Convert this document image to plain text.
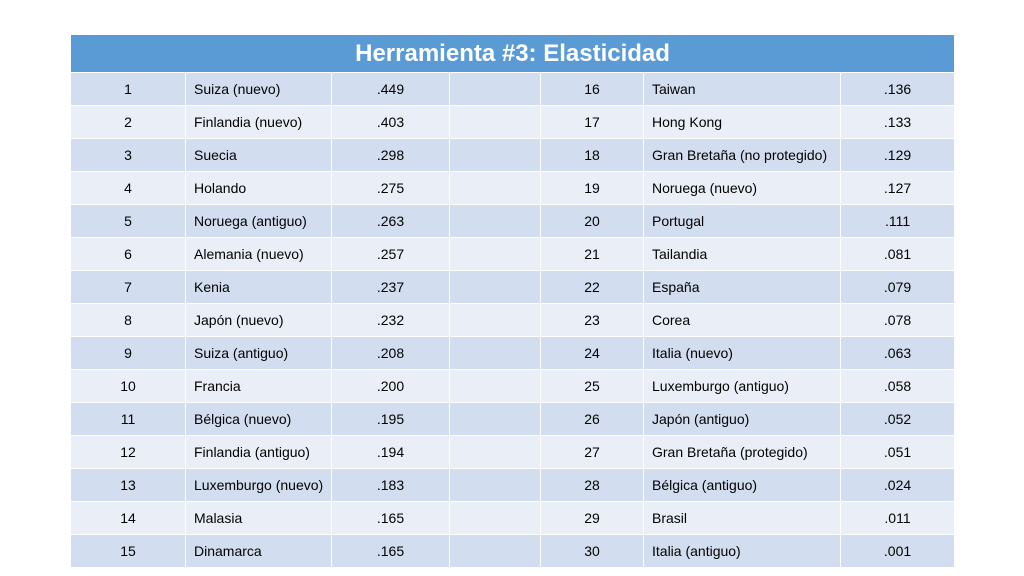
Herramienta #3: Elasticidad						
1	Suiza (nuevo)	.449		16	Taiwan	.136
2	Finlandia (nuevo)	.403		17	Hong Kong	.133
3	Suecia	.298		18	Gran Bretaña (no protegido)	.129
4	Holando	.275		19	Noruega (nuevo)	.127
5	Noruega (antiguo)	.263		20	Portugal	.111
6	Alemania (nuevo)	.257		21	Tailandia	.081
7	Kenia	.237		22	España	.079
8	Japón (nuevo)	.232		23	Corea	.078
9	Suiza (antiguo)	.208		24	Italia (nuevo)	.063
10	Francia	.200		25	Luxemburgo (antiguo)	.058
11	Bélgica (nuevo)	.195		26	Japón (antiguo)	.052
12	Finlandia (antiguo)	.194		27	Gran Bretaña (protegido)	.051
13	Luxemburgo (nuevo)	.183		28	Bélgica (antiguo)	.024
14	Malasia	.165		29	Brasil	.011
15	Dinamarca	.165		30	Italia (antiguo)	.001
